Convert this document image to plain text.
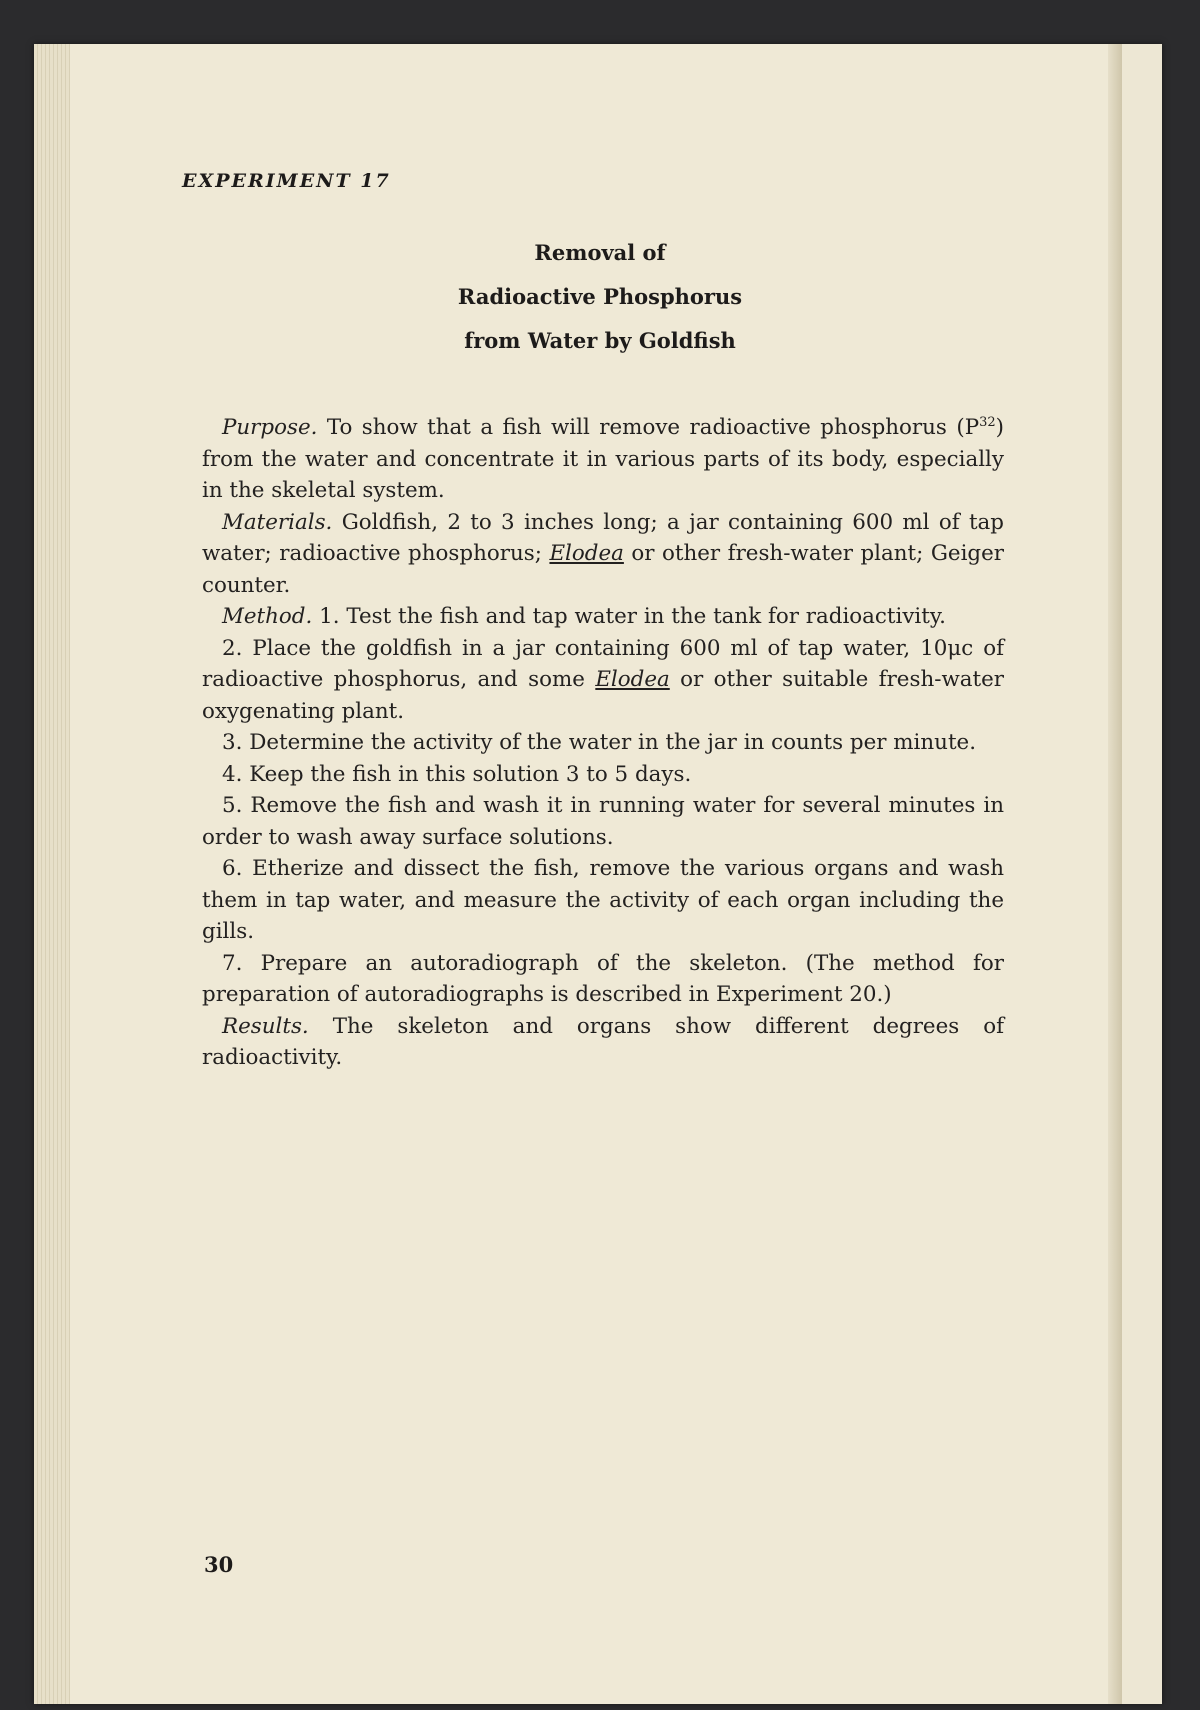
EXPERIMENT 17
Removal of
Radioactive Phosphorus
from Water by Goldfish

Purpose. To show that a fish will remove radioactive phosphorus $(P^{32})$ from the water and concentrate it in various parts of its body, especially in the skeletal system.

Materials. Goldfish, 2 to 3 inches long; a jar containing 600 ml of tap water; radioactive phosphorus; Elodea or other fresh-water plant; Geiger counter.

Method. 1. Test the fish and tap water in the tank for radioactivity.

2. Place the goldfish in a jar containing 600 ml of tap water, 10μc of radioactive phosphorus, and some Elodea or other suitable fresh-water oxygenating plant.

3. Determine the activity of the water in the jar in counts per minute.

4. Keep the fish in this solution 3 to 5 days.

5. Remove the fish and wash it in running water for several minutes in order to wash away surface solutions.

6. Etherize and dissect the fish, remove the various organs and wash them in tap water, and measure the activity of each organ including the gills.

7. Prepare an autoradiograph of the skeleton. (The method for preparation of autoradiographs is described in Experiment 20.)

Results. The skeleton and organs show different degrees of radioactivity.

30
